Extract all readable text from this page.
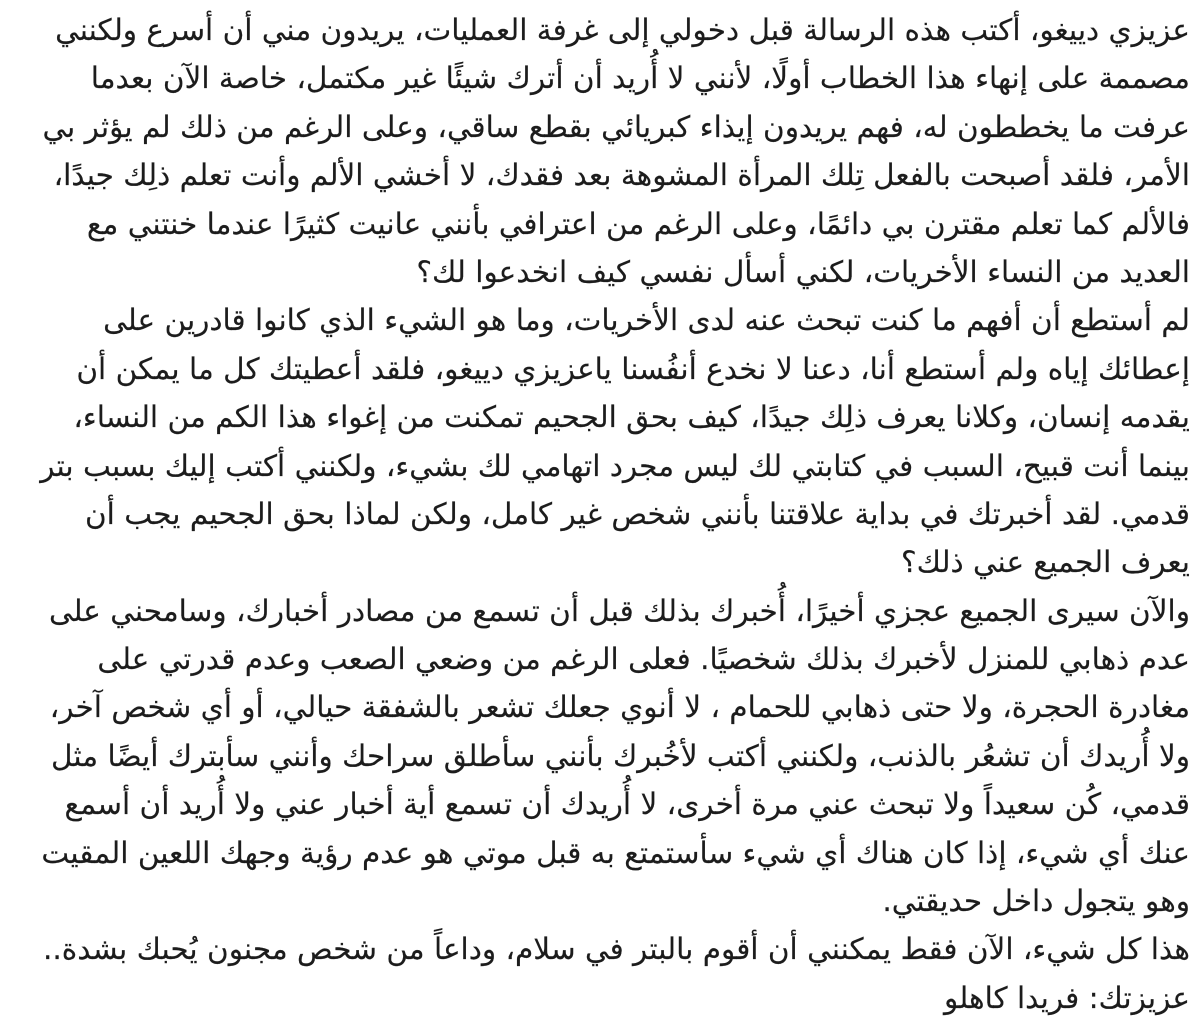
عزيزي دييغو، أكتب هذه الرسالة قبل دخولي إلى غرفة العمليات، يريدون مني أن أسرع ولكنني
مصممة على إنهاء هذا الخطاب أولًا، لأنني لا أُريد أن أترك شيئًا غير مكتمل، خاصة الآن بعدما
عرفت ما يخططون له، فهم يريدون إيذاء كبريائي بقطع ساقي، وعلى الرغم من ذلك لم يؤثر بي
الأمر، فلقد أصبحت بالفعل تِلك المرأة المشوهة بعد فقدك، لا أخشي الألم وأنت تعلم ذلِك جيدًا،
فالألم كما تعلم مقترن بي دائمًا، وعلى الرغم من اعترافي بأنني عانيت كثيرًا عندما خنتني مع
العديد من النساء الأخريات، لكني أسأل نفسي كيف انخدعوا لك؟
لم أستطع أن أفهم ما كنت تبحث عنه لدى الأخريات، وما هو الشيء الذي كانوا قادرين على
إعطائك إياه ولم أستطع أنا، دعنا لا نخدع أنفُسنا ياعزيزي دييغو، فلقد أعطيتك كل ما يمكن أن
يقدمه إنسان، وكلانا يعرف ذلِك جيدًا، كيف بحق الجحيم تمكنت من إغواء هذا الكم من النساء،
بينما أنت قبيح، السبب في كتابتي لك ليس مجرد اتهامي لك بشيء، ولكنني أكتب إليك بسبب بتر
قدمي. لقد أخبرتك في بداية علاقتنا بأنني شخص غير كامل، ولكن لماذا بحق الجحيم يجب أن
يعرف الجميع عني ذلك؟
والآن سيرى الجميع عجزي أخيرًا، أُخبرك بذلك قبل أن تسمع من مصادر أخبارك، وسامحني على
عدم ذهابي للمنزل لأخبرك بذلك شخصيًا. فعلى الرغم من وضعي الصعب وعدم قدرتي على
مغادرة الحجرة، ولا حتى ذهابي للحمام ، لا أنوي جعلك تشعر بالشفقة حيالي، أو أي شخص آخر،
ولا أُريدك أن تشعُر بالذنب، ولكنني أكتب لأخُبرك بأنني سأطلق سراحك وأنني سأبترك أيضًا مثل
قدمي، كُن سعيداً ولا تبحث عني مرة أخرى، لا أُريدك أن تسمع أية أخبار عني ولا أُريد أن أسمع
عنك أي شيء، إذا كان هناك أي شيء سأستمتع به قبل موتي هو عدم رؤية وجهك اللعين المقيت
وهو يتجول داخل حديقتي.
هذا كل شيء، الآن فقط يمكنني أن أقوم بالبتر في سلام، وداعاً من شخص مجنون يُحبك بشدة..
عزيزتك: فريدا كاهلو
